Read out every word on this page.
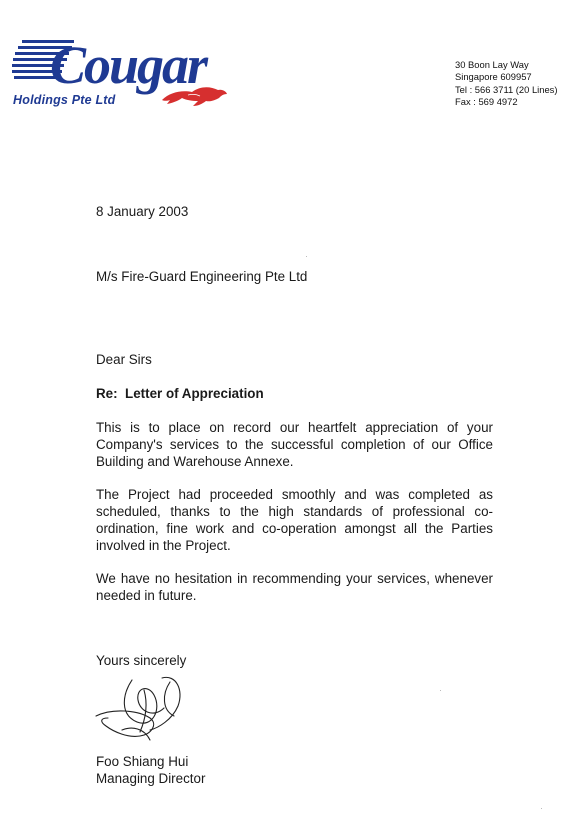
Cougar
Holdings Pte Ltd
30 Boon Lay Way
Singapore 609957
Tel : 566 3711 (20 Lines)
Fax : 569 4972
8 January 2003
M/s Fire-Guard Engineering Pte Ltd
Dear Sirs
Re:  Letter of Appreciation
This is to place on record our heartfelt appreciation of your Company's services to the successful completion of our Office Building and Warehouse Annexe.
The Project had proceeded smoothly and was completed as scheduled, thanks to the high standards of professional co-ordination, fine work and co-operation amongst all the Parties involved in the Project.
We have no hesitation in recommending your services, whenever needed in future.
Yours sincerely
Foo Shiang Hui
Managing Director
